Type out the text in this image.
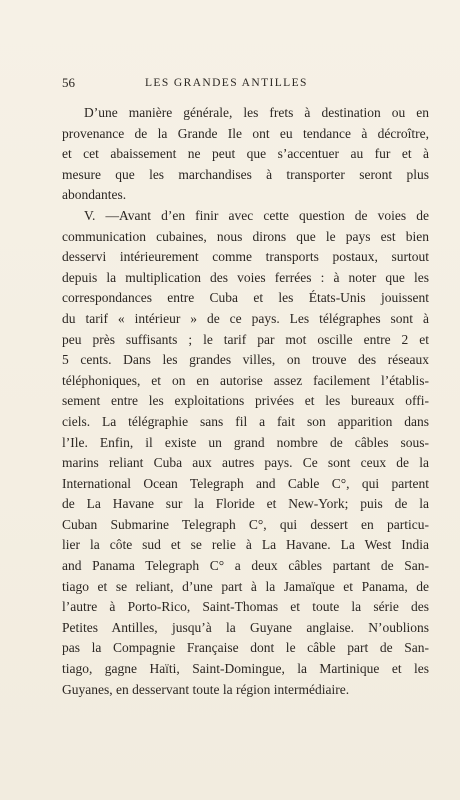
56	LES GRANDES ANTILLES
D’une manière générale, les frets à destination ou en
provenance de la Grande Ile ont eu tendance à décroître,
et cet abaissement ne peut que s’accentuer au fur et à
mesure que les marchandises à transporter seront plus
abondantes.
V. —Avant d’en finir avec cette question de voies de
communication cubaines, nous dirons que le pays est bien
desservi intérieurement comme transports postaux, surtout
depuis la multiplication des voies ferrées : à noter que les
correspondances entre Cuba et les États-Unis jouissent
du tarif « intérieur » de ce pays. Les télégraphes sont à
peu près suffisants ; le tarif par mot oscille entre 2 et
5 cents. Dans les grandes villes, on trouve des réseaux
téléphoniques, et on en autorise assez facilement l’établis-
sement entre les exploitations privées et les bureaux offi-
ciels. La télégraphie sans fil a fait son apparition dans
l’Ile. Enfin, il existe un grand nombre de câbles sous-
marins reliant Cuba aux autres pays. Ce sont ceux de la
International Ocean Telegraph and Cable C°, qui partent
de La Havane sur la Floride et New-York; puis de la
Cuban Submarine Telegraph C°, qui dessert en particu-
lier la côte sud et se relie à La Havane. La West India
and Panama Telegraph C° a deux câbles partant de San-
tiago et se reliant, d’une part à la Jamaïque et Panama, de
l’autre à Porto-Rico, Saint-Thomas et toute la série des
Petites Antilles, jusqu’à la Guyane anglaise. N’oublions
pas la Compagnie Française dont le câble part de San-
tiago, gagne Haïti, Saint-Domingue, la Martinique et les
Guyanes, en desservant toute la région intermédiaire.
